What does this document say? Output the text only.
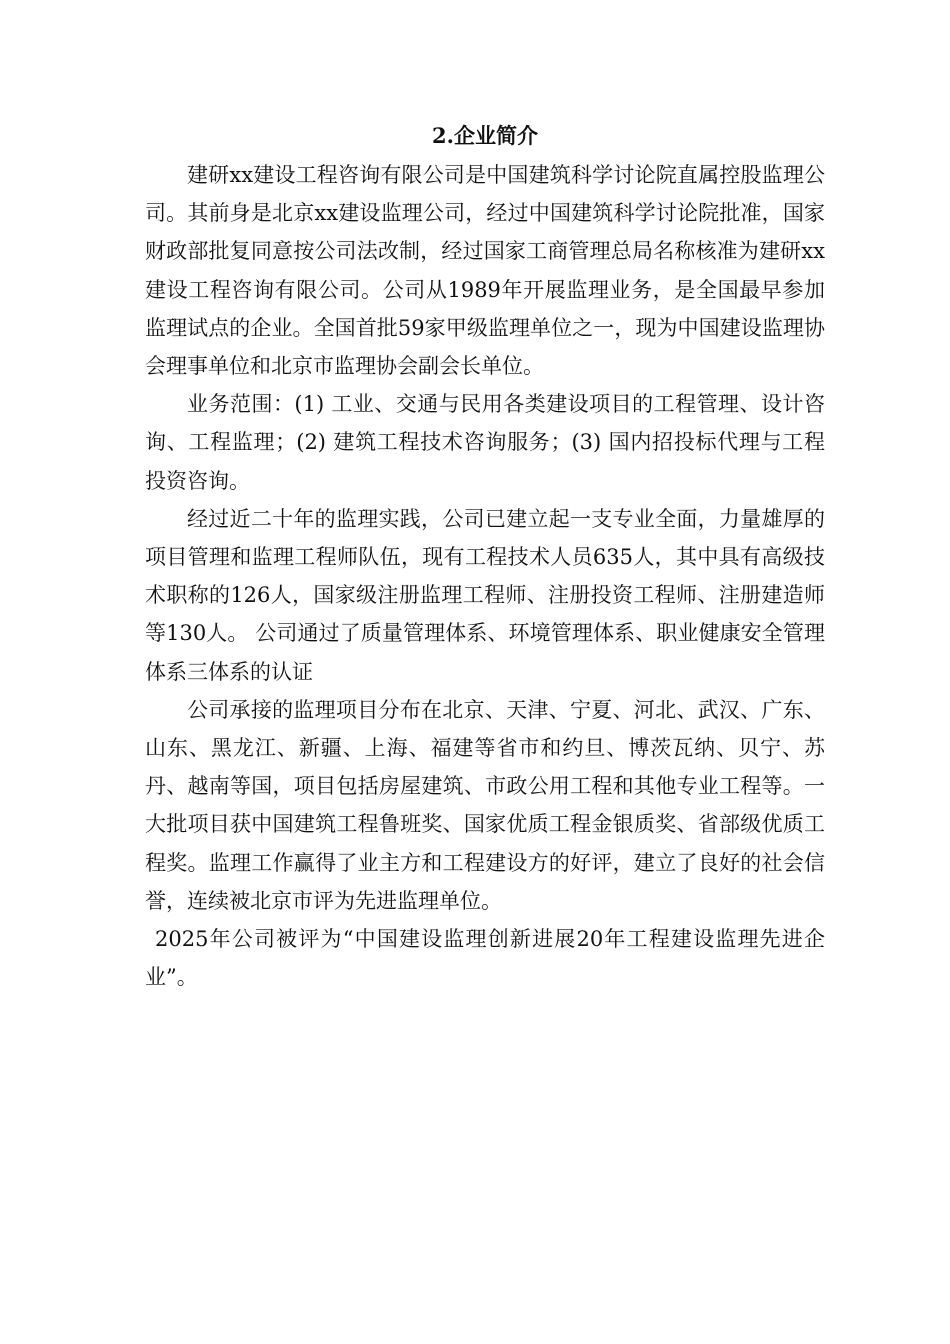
2.企业简介

建研xx建设工程咨询有限公司是中国建筑科学讨论院直属控股监理公司。其前身是北京xx建设监理公司，经过中国建筑科学讨论院批准，国家财政部批复同意按公司法改制，经过国家工商管理总局名称核准为建研xx建设工程咨询有限公司。公司从1989年开展监理业务，是全国最早参加监理试点的企业。全国首批59家甲级监理单位之一，现为中国建设监理协会理事单位和北京市监理协会副会长单位。

业务范围：(1) 工业、交通与民用各类建设项目的工程管理、设计咨询、工程监理；(2) 建筑工程技术咨询服务；(3) 国内招投标代理与工程投资咨询。

经过近二十年的监理实践，公司已建立起一支专业全面，力量雄厚的项目管理和监理工程师队伍，现有工程技术人员635人，其中具有高级技术职称的126人，国家级注册监理工程师、注册投资工程师、注册建造师等130人。 公司通过了质量管理体系、环境管理体系、职业健康安全管理体系三体系的认证

公司承接的监理项目分布在北京、天津、宁夏、河北、武汉、广东、山东、黑龙江、新疆、上海、福建等省市和约旦、博茨瓦纳、贝宁、苏丹、越南等国，项目包括房屋建筑、市政公用工程和其他专业工程等。一大批项目获中国建筑工程鲁班奖、国家优质工程金银质奖、省部级优质工程奖。监理工作赢得了业主方和工程建设方的好评，建立了良好的社会信誉，连续被北京市评为先进监理单位。

2025年公司被评为“中国建设监理创新进展20年工程建设监理先进企业”。
